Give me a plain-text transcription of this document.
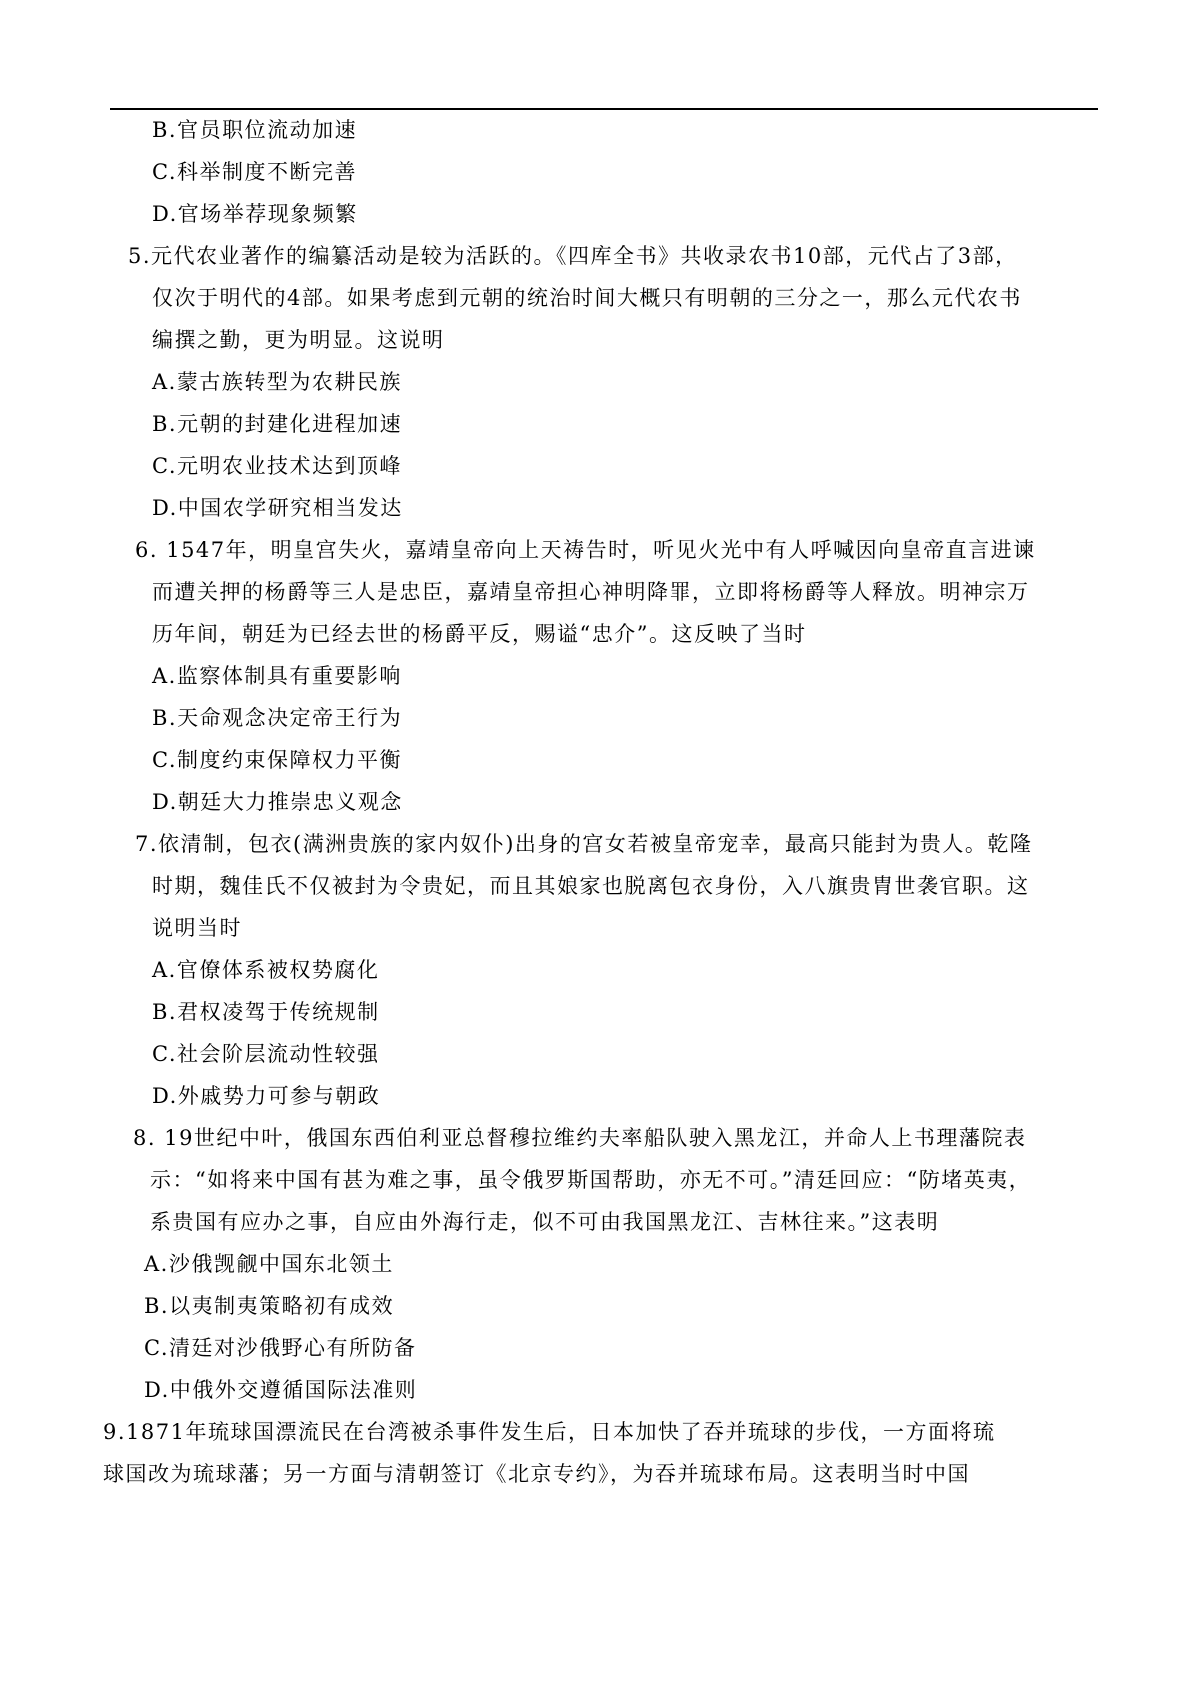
B.官员职位流动加速
C.科举制度不断完善
D.官场举荐现象频繁
5.元代农业著作的编纂活动是较为活跃的。《四库全书》共收录农书10部，元代占了3部，
仅次于明代的4部。如果考虑到元朝的统治时间大概只有明朝的三分之一，那么元代农书
编撰之勤，更为明显。这说明
A.蒙古族转型为农耕民族
B.元朝的封建化进程加速
C.元明农业技术达到顶峰
D.中国农学研究相当发达
6. 1547年，明皇宫失火，嘉靖皇帝向上天祷告时，听见火光中有人呼喊因向皇帝直言进谏
而遭关押的杨爵等三人是忠臣，嘉靖皇帝担心神明降罪，立即将杨爵等人释放。明神宗万
历年间，朝廷为已经去世的杨爵平反，赐谥“忠介”。这反映了当时
A.监察体制具有重要影响
B.天命观念决定帝王行为
C.制度约束保障权力平衡
D.朝廷大力推崇忠义观念
7.依清制，包衣(满洲贵族的家内奴仆)出身的宫女若被皇帝宠幸，最高只能封为贵人。乾隆
时期，魏佳氏不仅被封为令贵妃，而且其娘家也脱离包衣身份，入八旗贵胄世袭官职。这
说明当时
A.官僚体系被权势腐化
B.君权凌驾于传统规制
C.社会阶层流动性较强
D.外戚势力可参与朝政
8. 19世纪中叶，俄国东西伯利亚总督穆拉维约夫率船队驶入黑龙江，并命人上书理藩院表
示：“如将来中国有甚为难之事，虽令俄罗斯国帮助，亦无不可。”清廷回应：“防堵英夷，
系贵国有应办之事，自应由外海行走，似不可由我国黑龙江、吉林往来。”这表明
A.沙俄觊觎中国东北领土
B.以夷制夷策略初有成效
C.清廷对沙俄野心有所防备
D.中俄外交遵循国际法准则
9.1871年琉球国漂流民在台湾被杀事件发生后，日本加快了吞并琉球的步伐，一方面将琉
球国改为琉球藩；另一方面与清朝签订《北京专约》，为吞并琉球布局。这表明当时中国
